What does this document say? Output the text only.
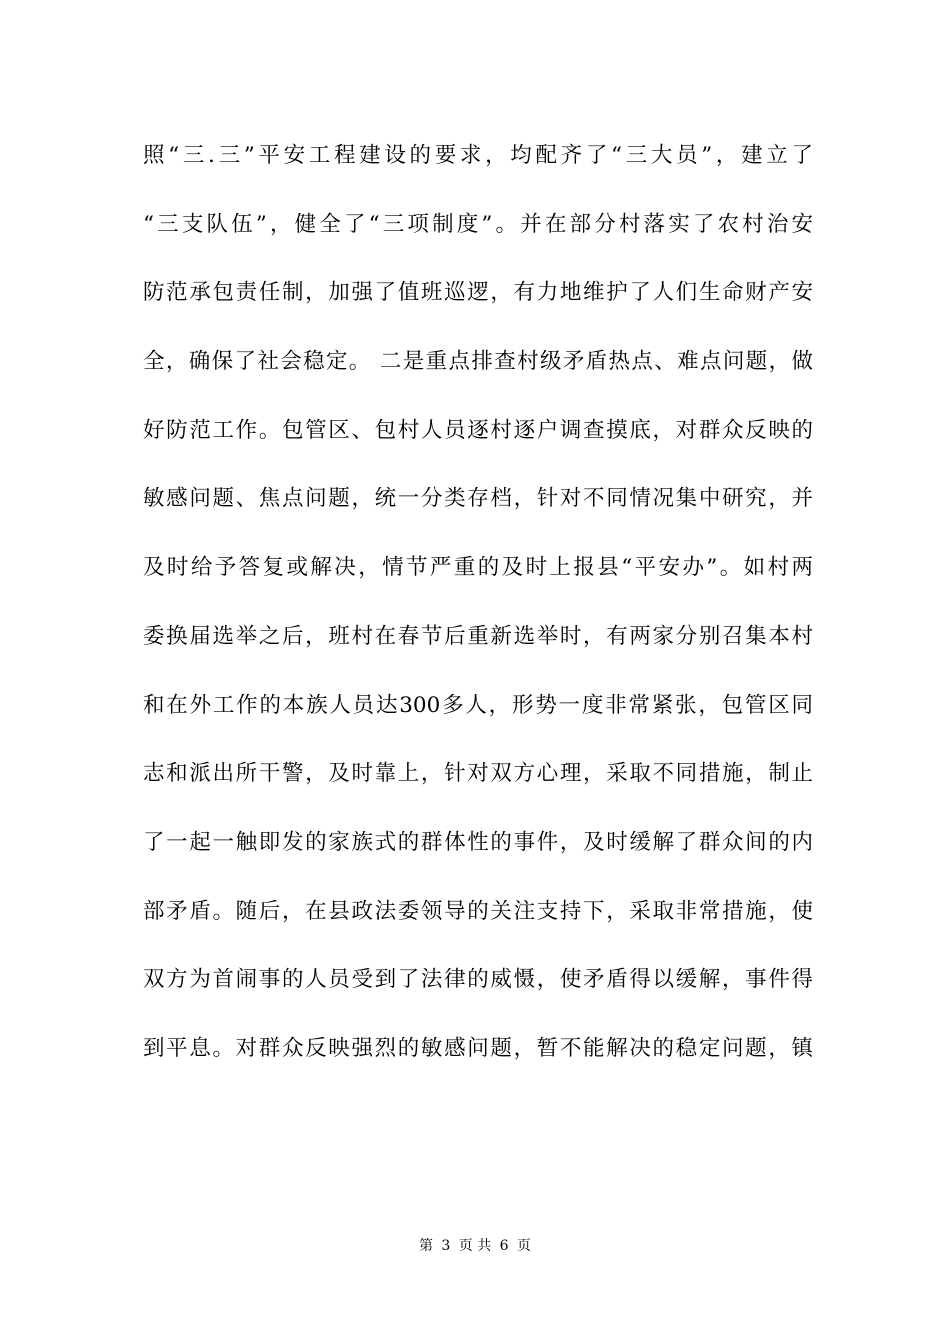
照“三.三”平安工程建设的要求，均配齐了“三大员”，建立了
“三支队伍”，健全了“三项制度”。并在部分村落实了农村治安
防范承包责任制，加强了值班巡逻，有力地维护了人们生命财产安
全，确保了社会稳定。 二是重点排查村级矛盾热点、难点问题，做
好防范工作。包管区、包村人员逐村逐户调查摸底，对群众反映的
敏感问题、焦点问题，统一分类存档，针对不同情况集中研究，并
及时给予答复或解决，情节严重的及时上报县“平安办”。如村两
委换届选举之后，班村在春节后重新选举时，有两家分别召集本村
和在外工作的本族人员达300多人，形势一度非常紧张，包管区同
志和派出所干警，及时靠上，针对双方心理，采取不同措施，制止
了一起一触即发的家族式的群体性的事件，及时缓解了群众间的内
部矛盾。随后，在县政法委领导的关注支持下，采取非常措施，使
双方为首闹事的人员受到了法律的威慑，使矛盾得以缓解，事件得
到平息。对群众反映强烈的敏感问题，暂不能解决的稳定问题，镇
第 3 页 共 6 页
